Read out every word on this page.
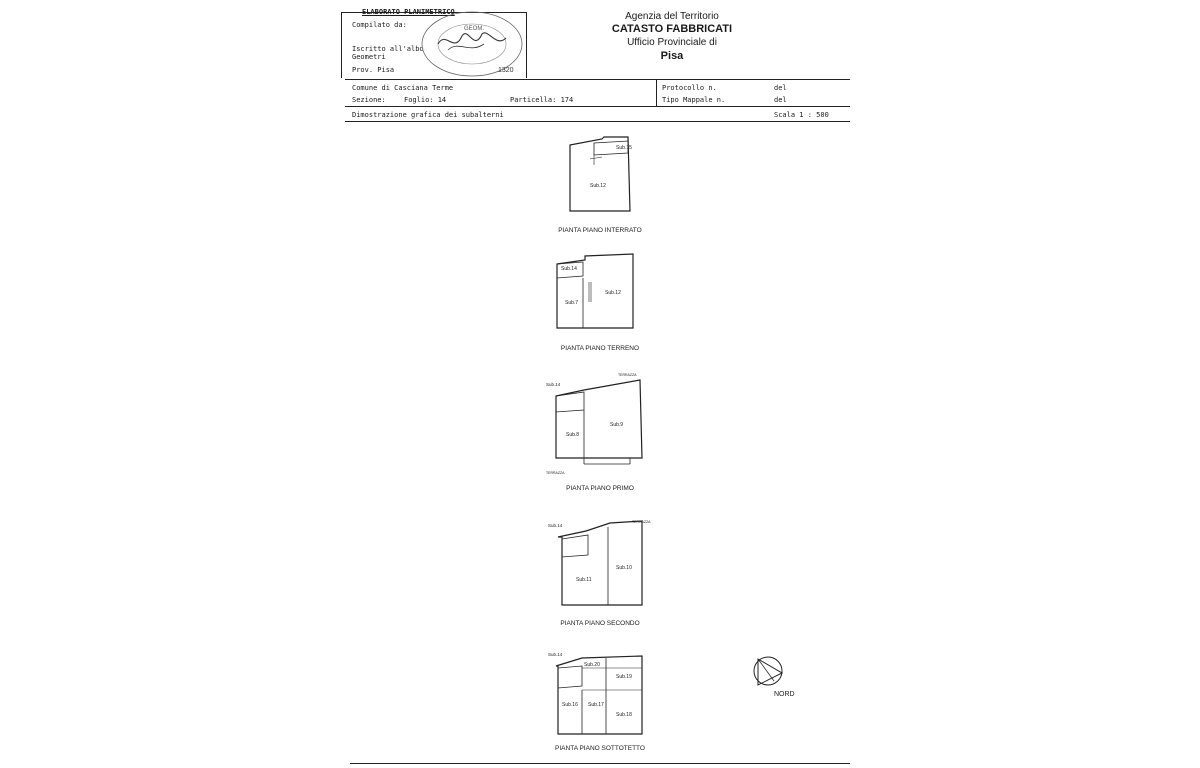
ELABORATO PLANIMETRICO
Compilato da:
Iscritto all'albo
Geometri
Prov. Pisa	1320
GEOM.
Agenzia del Territorio
CATASTO FABBRICATI
Ufficio Provinciale di
Pisa
Comune di Casciana Terme
Sezione:	Foglio: 14	Particella: 174
Protocollo n.	del
Tipo Mappale n.	del
Dimostrazione grafica dei subalterni	Scala 1 : 500
Sub.15
Sub.12
PIANTA PIANO INTERRATO
Sub.14
Sub.7
Sub.12
PIANTA PIANO TERRENO
Sub.14
Sub.8
Sub.9
TERRAZZA
TERRAZZA
PIANTA PIANO PRIMO
Sub.14
Sub.11
Sub.10
TERRAZZA
PIANTA PIANO SECONDO
Sub.14
Sub.20
Sub.19
Sub.16 Sub.17
Sub.18
PIANTA PIANO SOTTOTETTO
NORD
